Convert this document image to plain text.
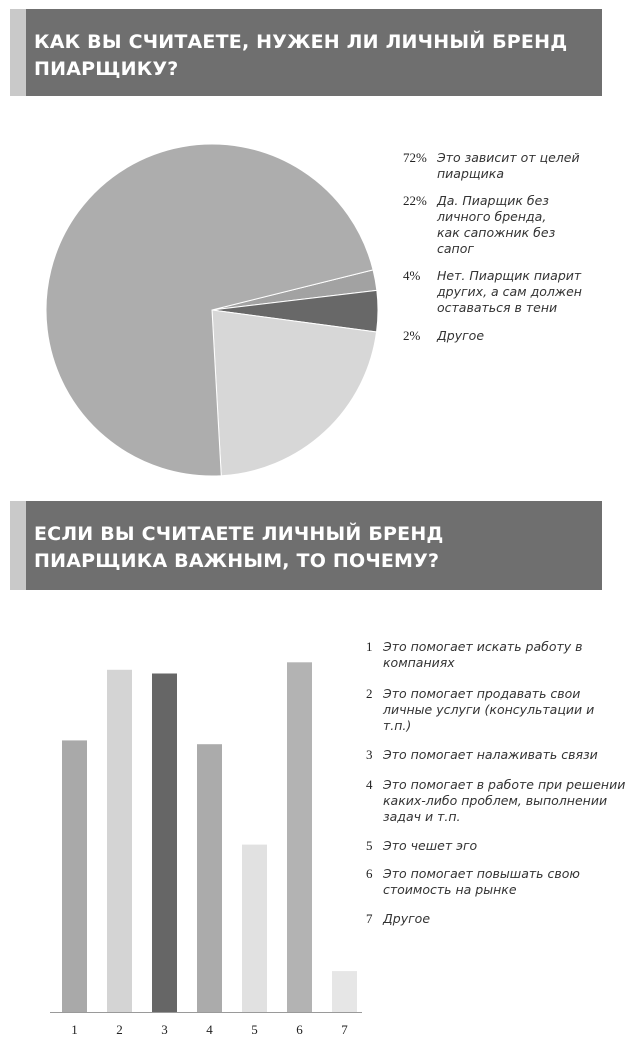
КАК ВЫ СЧИТАЕТЕ, НУЖЕН ЛИ ЛИЧНЫЙ БРЕНД ПИАРЩИКУ?
ЕСЛИ ВЫ СЧИТАЕТЕ ЛИЧНЫЙ БРЕНД ПИАРЩИКА ВАЖНЫМ, ТО ПОЧЕМУ?
1	2	3	4	5	6	7
72% Это зависит от целей пиарщика
22% Да. Пиарщик без личного бренда, как сапожник без сапог
4% Нет. Пиарщик пиарит других, а сам должен оставаться в тени
2% Другое
1 Это помогает искать работу в компаниях
2 Это помогает продавать свои личные услуги (консультации и т.п.)
3 Это помогает налаживать связи
4 Это помогает в работе при решении каких-либо проблем, выполнении задач и т.п.
5 Это чешет эго
6 Это помогает повышать свою стоимость на рынке
7 Другое
